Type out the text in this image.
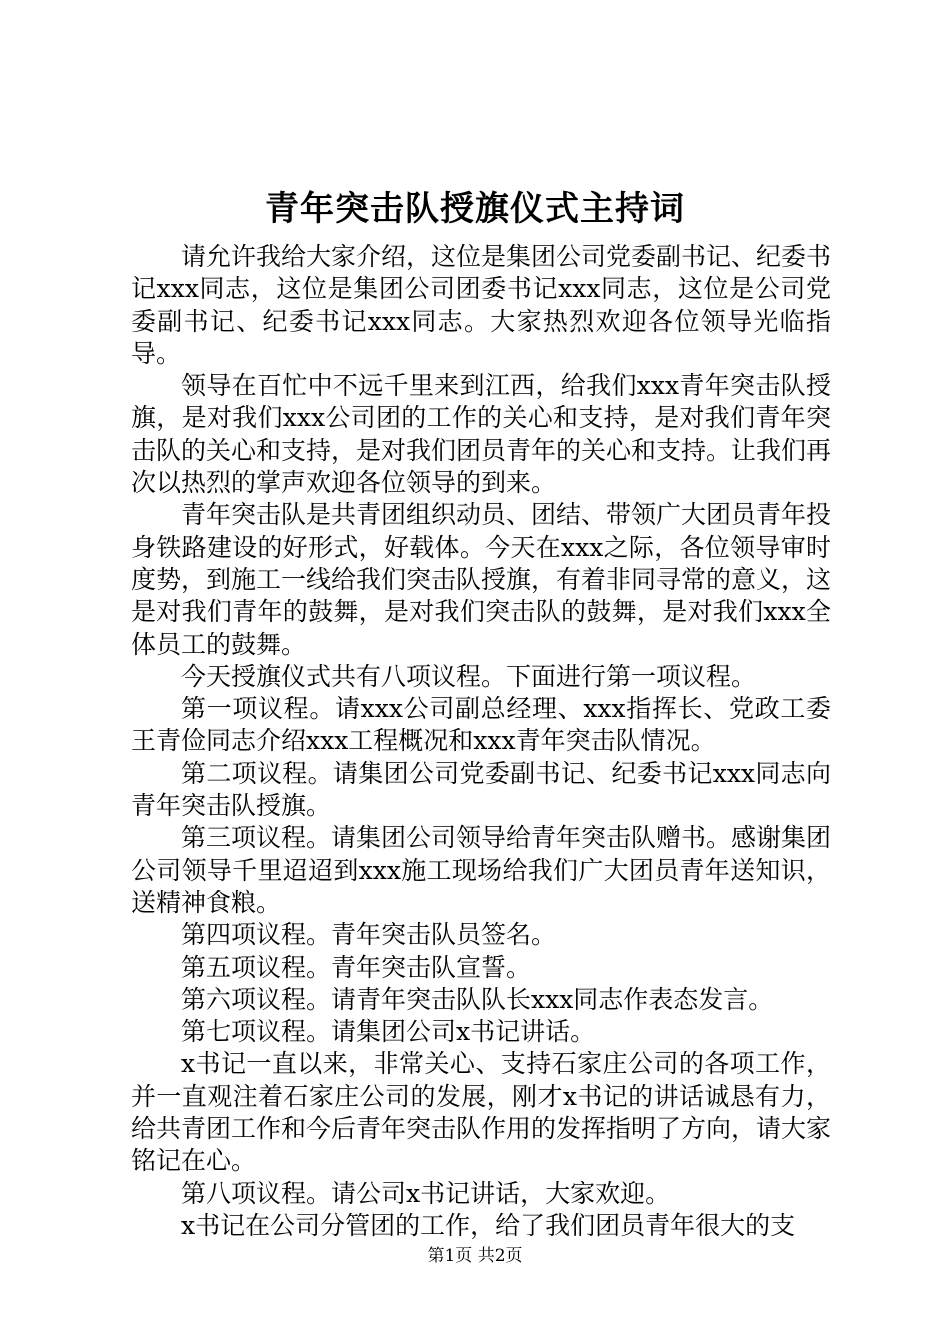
青年突击队授旗仪式主持词

请允许我给大家介绍，这位是集团公司党委副书记、纪委书记xxx同志，这位是集团公司团委书记xxx同志，这位是公司党委副书记、纪委书记xxx同志。大家热烈欢迎各位领导光临指导。

领导在百忙中不远千里来到江西，给我们xxx青年突击队授旗，是对我们xxx公司团的工作的关心和支持，是对我们青年突击队的关心和支持，是对我们团员青年的关心和支持。让我们再次以热烈的掌声欢迎各位领导的到来。

青年突击队是共青团组织动员、团结、带领广大团员青年投身铁路建设的好形式，好载体。今天在xxx之际，各位领导审时度势，到施工一线给我们突击队授旗，有着非同寻常的意义，这是对我们青年的鼓舞，是对我们突击队的鼓舞，是对我们xxx全体员工的鼓舞。

今天授旗仪式共有八项议程。下面进行第一项议程。

第一项议程。请xxx公司副总经理、xxx指挥长、党政工委王青俭同志介绍xxx工程概况和xxx青年突击队情况。

第二项议程。请集团公司党委副书记、纪委书记xxx同志向青年突击队授旗。

第三项议程。请集团公司领导给青年突击队赠书。感谢集团公司领导千里迢迢到xxx施工现场给我们广大团员青年送知识，送精神食粮。

第四项议程。青年突击队员签名。

第五项议程。青年突击队宣誓。

第六项议程。请青年突击队队长xxx同志作表态发言。

第七项议程。请集团公司x书记讲话。

x书记一直以来，非常关心、支持石家庄公司的各项工作，并一直观注着石家庄公司的发展，刚才x书记的讲话诚恳有力，给共青团工作和今后青年突击队作用的发挥指明了方向，请大家铭记在心。

第八项议程。请公司x书记讲话，大家欢迎。

x书记在公司分管团的工作，给了我们团员青年很大的支

第1页 共2页
